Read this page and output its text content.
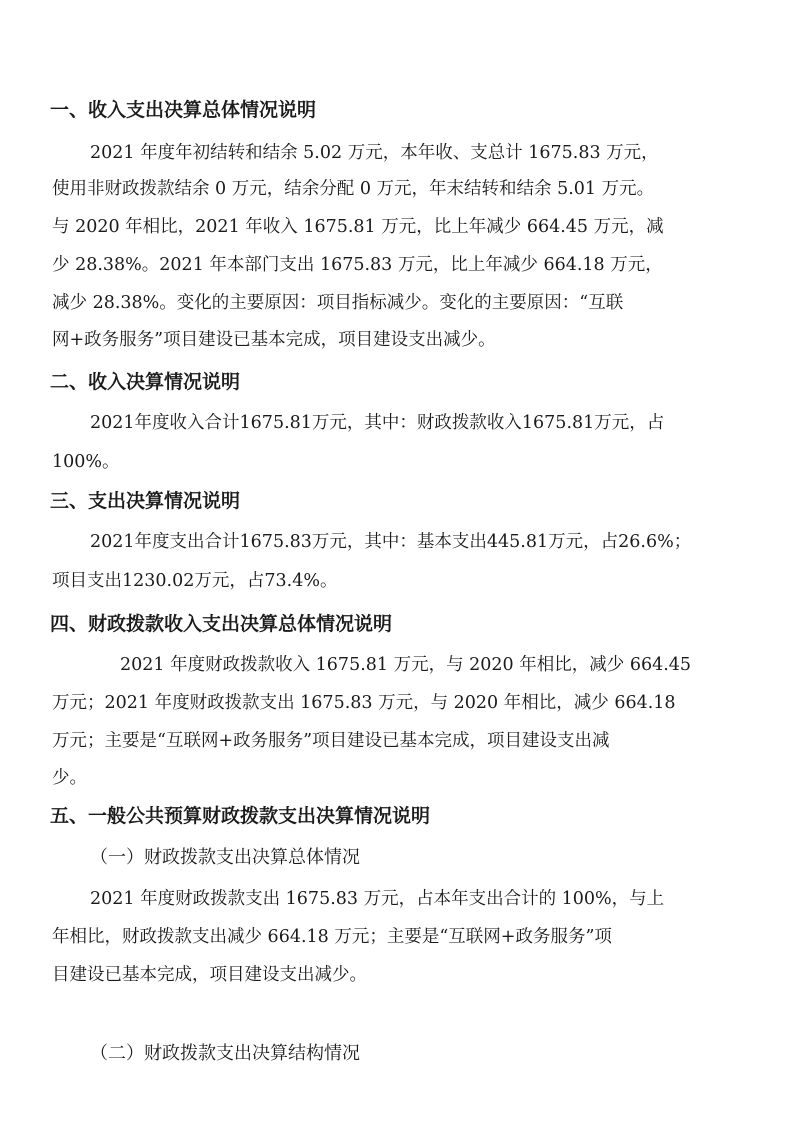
一、收入支出决算总体情况说明
2021 年度年初结转和结余 5.02 万元，本年收、支总计 1675.83 万元，
使用非财政拨款结余 0 万元，结余分配 0 万元，年末结转和结余 5.01 万元。
与 2020 年相比，2021 年收入 1675.81 万元，比上年减少 664.45 万元，减
少 28.38%。2021 年本部门支出 1675.83 万元，比上年减少 664.18 万元，
减少 28.38%。变化的主要原因：项目指标减少。变化的主要原因：“互联
网+政务服务”项目建设已基本完成，项目建设支出减少。
二、收入决算情况说明
2021年度收入合计1675.81万元，其中：财政拨款收入1675.81万元，占
100%。
三、支出决算情况说明
2021年度支出合计1675.83万元，其中：基本支出445.81万元，占26.6%；
项目支出1230.02万元，占73.4%。
四、财政拨款收入支出决算总体情况说明
2021 年度财政拨款收入 1675.81 万元，与 2020 年相比，减少 664.45
万元；2021 年度财政拨款支出 1675.83 万元，与 2020 年相比，减少 664.18
万元；主要是“互联网+政务服务”项目建设已基本完成，项目建设支出减
少。
五、一般公共预算财政拨款支出决算情况说明
（一）财政拨款支出决算总体情况
2021 年度财政拨款支出 1675.83 万元，占本年支出合计的 100%，与上
年相比，财政拨款支出减少 664.18 万元；主要是“互联网+政务服务”项
目建设已基本完成，项目建设支出减少。
（二）财政拨款支出决算结构情况
